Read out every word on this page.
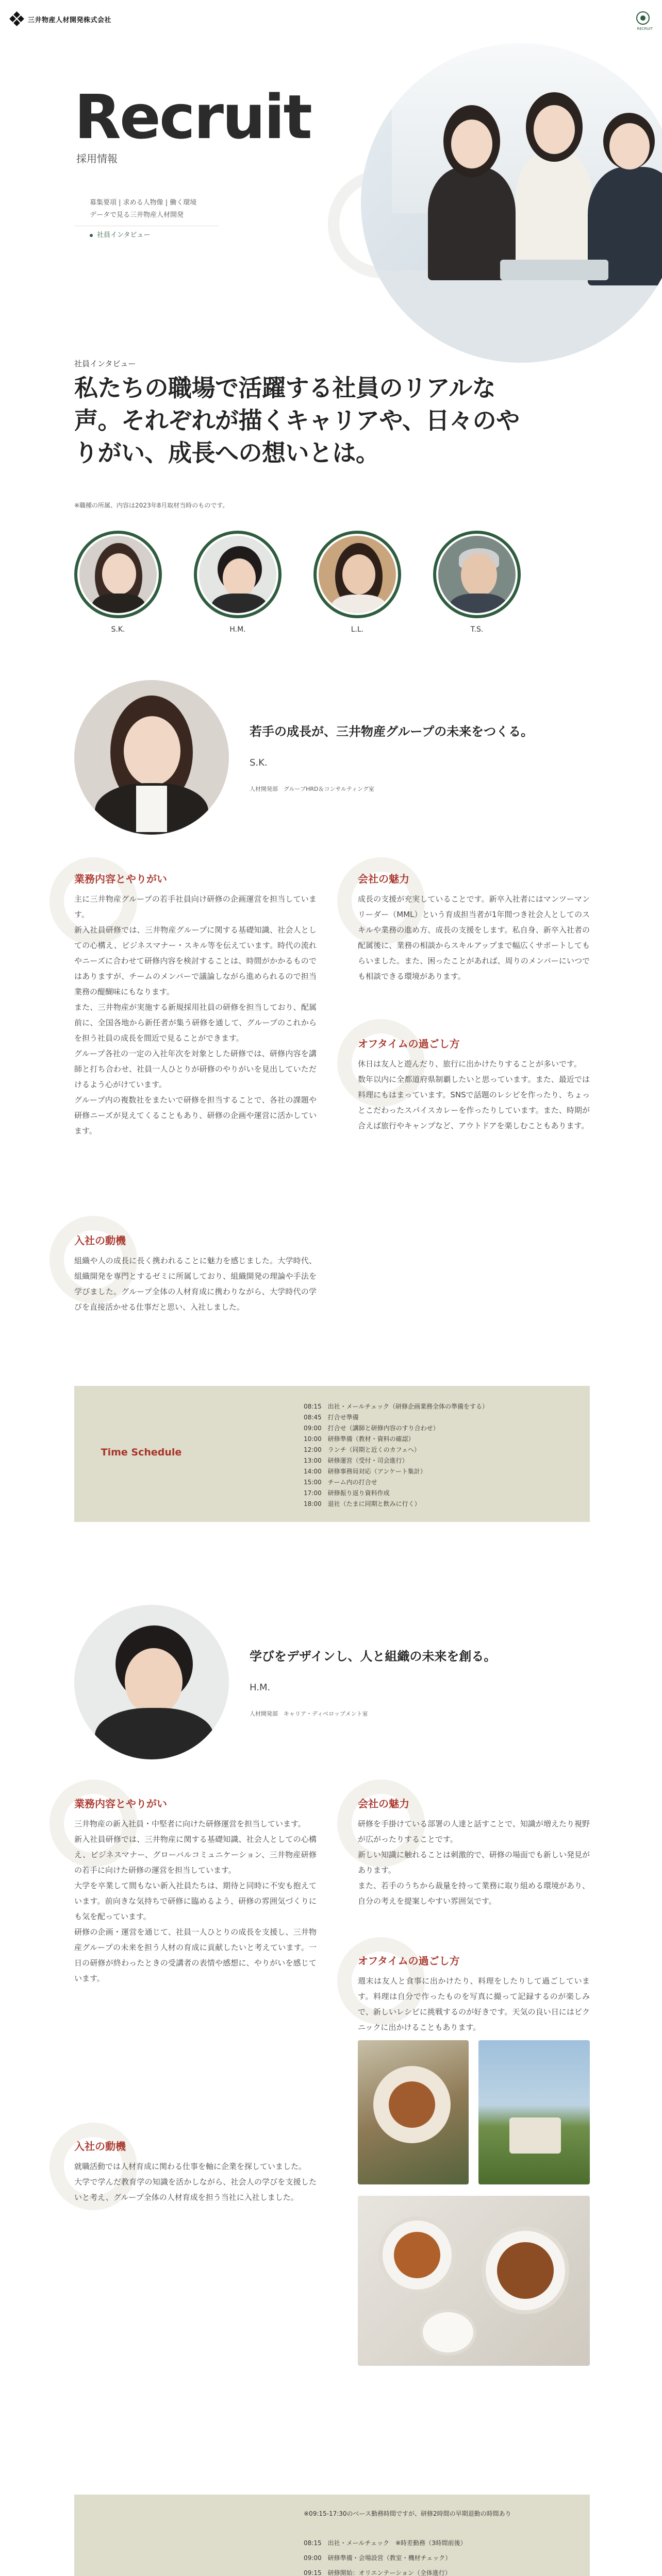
三井物産人材開発株式会社
RECRUIT
Recruit
採用情報
募集要項 | 求める人物像 | 働く環境
データで見る三井物産人材開発
社員インタビュー
社員インタビュー
私たちの職場で活躍する社員のリアルな声。それぞれが描くキャリアや、日々のやりがい、成長への想いとは。
※職種の所属、内容は2023年8月取材当時のものです。
S.K.	H.M.	L.L.	T.S.
若手の成長が、三井物産グループの未来をつくる。
S.K.
人材開発部　グループHRD＆コンサルティング室
業務内容とやりがい
主に三井物産グループの若手社員向け研修の企画運営を担当しています。
新入社員研修では、三井物産グループに関する基礎知識、社会人としての心構え、ビジネスマナー・スキル等を伝えています。時代の流れやニーズに合わせて研修内容を検討することは、時間がかかるものではありますが、チームのメンバーで議論しながら進められるので担当業務の醍醐味にもなります。
また、三井物産が実施する新規採用社員の研修を担当しており、配属前に、全国各地から新任者が集う研修を通して、グループのこれからを担う社員の成長を間近で見ることができます。
グループ各社の一定の入社年次を対象とした研修では、研修内容を講師と打ち合わせ、社員一人ひとりが研修のやりがいを見出していただけるよう心がけています。
グループ内の複数社をまたいで研修を担当することで、各社の課題や研修ニーズが見えてくることもあり、研修の企画や運営に活かしています。
会社の魅力
成長の支援が充実していることです。新卒入社者にはマンツーマンリーダー（MML）という育成担当者が1年間つき社会人としてのスキルや業務の進め方、成長の支援をします。私自身、新卒入社者の配属後に、業務の相談からスキルアップまで幅広くサポートしてもらいました。また、困ったことがあれば、周りのメンバーにいつでも相談できる環境があります。
オフタイムの過ごし方
休日は友人と遊んだり、旅行に出かけたりすることが多いです。
数年以内に全都道府県制覇したいと思っています。また、最近では料理にもはまっています。SNSで話題のレシピを作ったり、ちょっとこだわったスパイスカレーを作ったりしています。また、時期が合えば旅行やキャンプなど、アウトドアを楽しむこともあります。
入社の動機
組織や人の成長に長く携われることに魅力を感じました。大学時代、組織開発を専門とするゼミに所属しており、組織開発の理論や手法を学びました。グループ全体の人材育成に携わりながら、大学時代の学びを直接活かせる仕事だと思い、入社しました。
Time Schedule
08:15　出社・メールチェック（研修企画業務全体の準備をする）
08:45　打合せ準備
09:00　打合せ（講師と研修内容のすり合わせ）
10:00　研修準備（教材・資料の確認）
12:00　ランチ（同期と近くのカフェへ）
13:00　研修運営（受付・司会進行）
14:00　研修事務局対応（アンケート集計）
15:00　チーム内の打合せ
17:00　研修振り返り資料作成
18:00　退社（たまに同期と飲みに行く）
学びをデザインし、人と組織の未来を創る。
H.M.
人材開発部　キャリア・ディベロップメント室
業務内容とやりがい
三井物産の新入社員・中堅者に向けた研修運営を担当しています。
新入社員研修では、三井物産に関する基礎知識、社会人としての心構え、ビジネスマナー、グローバルコミュニケーション、三井物産研修の若手に向けた研修の運営を担当しています。
大学を卒業して間もない新入社員たちは、期待と同時に不安も抱えています。前向きな気持ちで研修に臨めるよう、研修の雰囲気づくりにも気を配っています。
研修の企画・運営を通じて、社員一人ひとりの成長を支援し、三井物産グループの未来を担う人材の育成に貢献したいと考えています。一日の研修が終わったときの受講者の表情や感想に、やりがいを感じています。
会社の魅力
研修を手掛けている部署の人達と話すことで、知識が増えたり視野が広がったりすることです。
新しい知識に触れることは刺激的で、研修の場面でも新しい発見があります。
また、若手のうちから裁量を持って業務に取り組める環境があり、自分の考えを提案しやすい雰囲気です。
オフタイムの過ごし方
週末は友人と食事に出かけたり、料理をしたりして過ごしています。料理は自分で作ったものを写真に撮って記録するのが楽しみで、新しいレシピに挑戦するのが好きです。天気の良い日にはピクニックに出かけることもあります。
入社の動機
就職活動では人材育成に関わる仕事を軸に企業を探していました。
大学で学んだ教育学の知識を活かしながら、社会人の学びを支援したいと考え、グループ全体の人材育成を担う当社に入社しました。
※09:15-17:30のベース勤務時間ですが、研修2時間の早期退勤の時間あり
08:15　出社・メールチェック　※時差勤務（3時間前後）
09:00　研修準備・会場設営（教室・機材チェック）
09:15　研修開始：オリエンテーション（全体進行）
